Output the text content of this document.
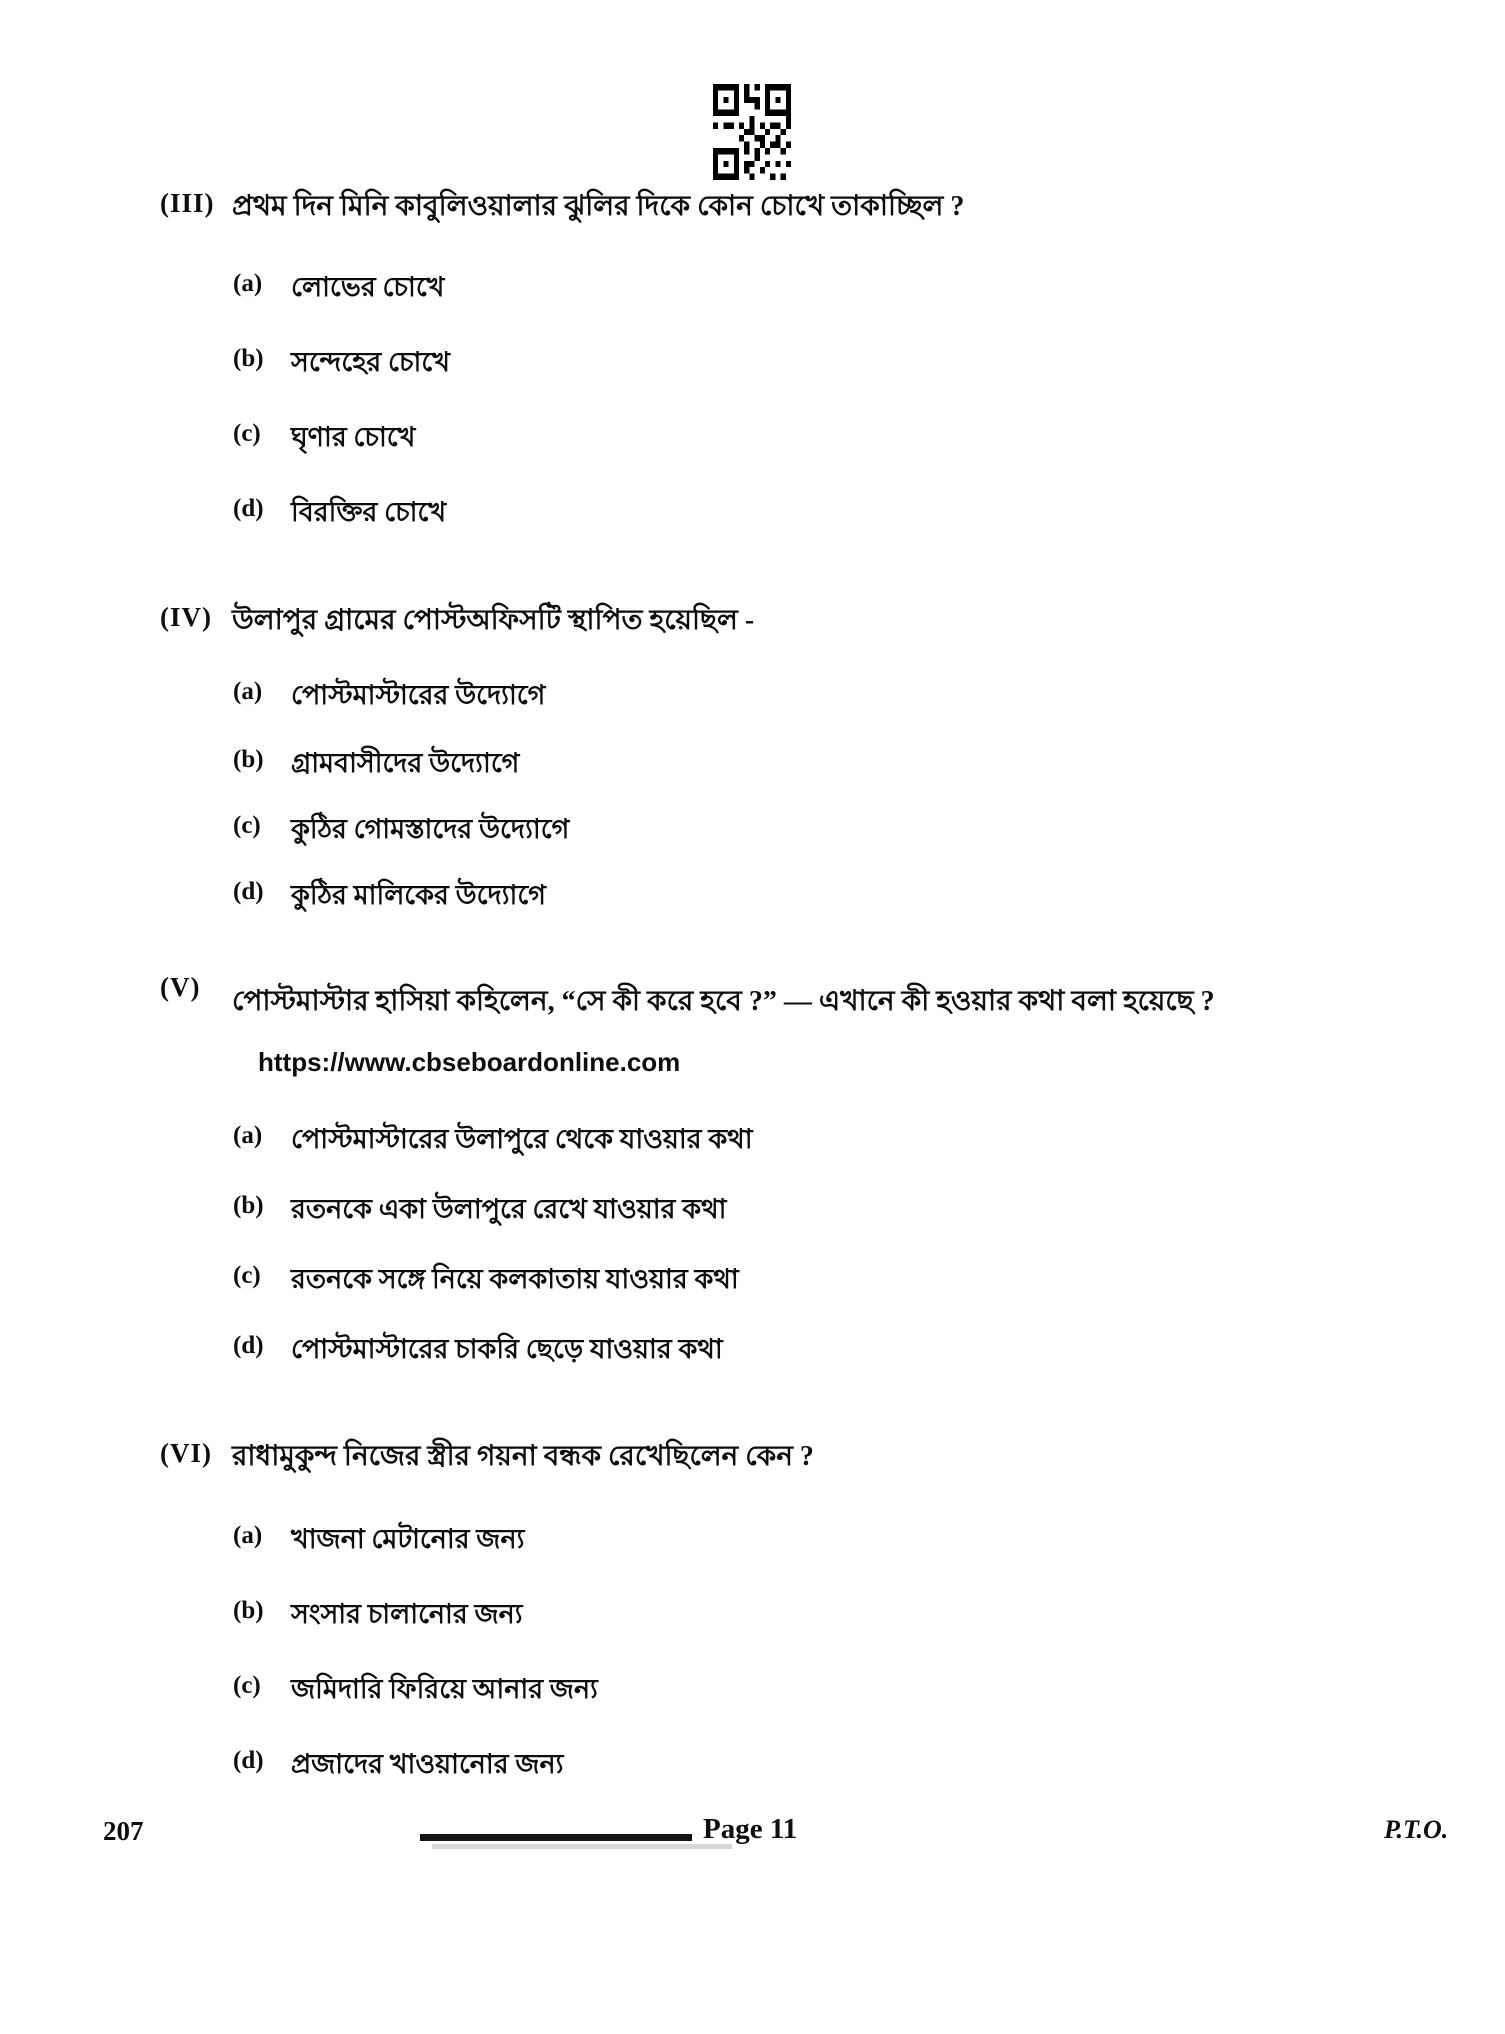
(III) প্রথম দিন মিনি কাবুলিওয়ালার ঝুলির দিকে কোন চোখে তাকাচ্ছিল ?
(a)	লোভের চোখে
(b)	সন্দেহের চোখে
(c)	ঘৃণার চোখে
(d)	বিরক্তির চোখে
(IV) উলাপুর গ্রামের পোস্টঅফিসটি স্থাপিত হয়েছিল -
(a)	পোস্টমাস্টারের উদ্যোগে
(b)	গ্রামবাসীদের উদ্যোগে
(c)	কুঠির গোমস্তাদের উদ্যোগে
(d)	কুঠির মালিকের উদ্যোগে
(V)	পোস্টমাস্টার হাসিয়া কহিলেন, “সে কী করে হবে ?” — এখানে কী হওয়ার কথা বলা হয়েছে ? https://www.cbseboardonline.com
(a)	পোস্টমাস্টারের উলাপুরে থেকে যাওয়ার কথা
(b)	রতনকে একা উলাপুরে রেখে যাওয়ার কথা
(c)	রতনকে সঙ্গে নিয়ে কলকাতায় যাওয়ার কথা
(d)	পোস্টমাস্টারের চাকরি ছেড়ে যাওয়ার কথা
(VI) রাধামুকুন্দ নিজের স্ত্রীর গয়না বন্ধক রেখেছিলেন কেন ?
(a)	খাজনা মেটানোর জন্য
(b)	সংসার চালানোর জন্য
(c)	জমিদারি ফিরিয়ে আনার জন্য
(d)	প্রজাদের খাওয়ানোর জন্য
207	Page 11	P.T.O.
